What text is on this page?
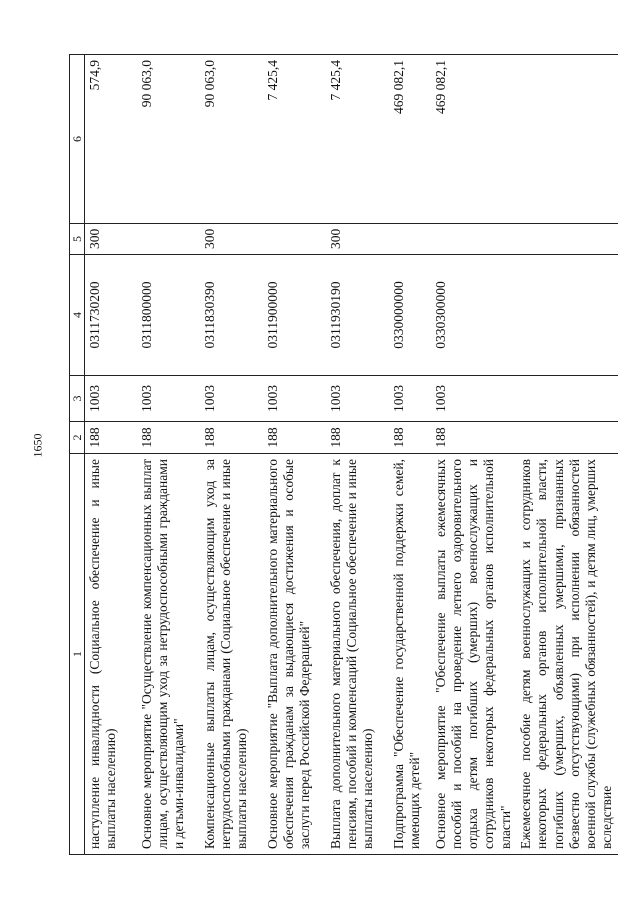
1650
1	2	3	4	5	6
наступление инвалидности (Социальное обеспечение и иные выплаты населению)	188	1003	0311730200	300	574,9
Основное мероприятие "Осуществление компенсационных выплат лицам, осуществляющим уход за нетрудоспособными гражданами и детьми-инвалидами"	188	1003	0311800000		90 063,0
Компенсационные выплаты лицам, осуществляющим уход за нетрудоспособными гражданами (Социальное обеспечение и иные выплаты населению)	188	1003	0311830390	300	90 063,0
Основное мероприятие "Выплата дополнительного материального обеспечения гражданам за выдающиеся достижения и особые заслуги перед Российской Федерацией"	188	1003	0311900000		7 425,4
Выплата дополнительного материального обеспечения, доплат к пенсиям, пособий и компенсаций (Социальное обеспечение и иные выплаты населению)	188	1003	0311930190	300	7 425,4
Подпрограмма "Обеспечение государственной поддержки семей, имеющих детей"	188	1003	0330000000		469 082,1
Основное мероприятие "Обеспечение выплаты ежемесячных пособий и пособий на проведение летнего оздоровительного отдыха детям погибших (умерших) военнослужащих и сотрудников некоторых федеральных органов исполнительной власти"	188	1003	0330300000		469 082,1
Ежемесячное пособие детям военнослужащих и сотрудников некоторых федеральных органов исполнительной власти, погибших (умерших, объявленных умершими, признанных безвестно отсутствующими) при исполнении обязанностей военной службы (служебных обязанностей), и детям лиц, умерших вследствие					
